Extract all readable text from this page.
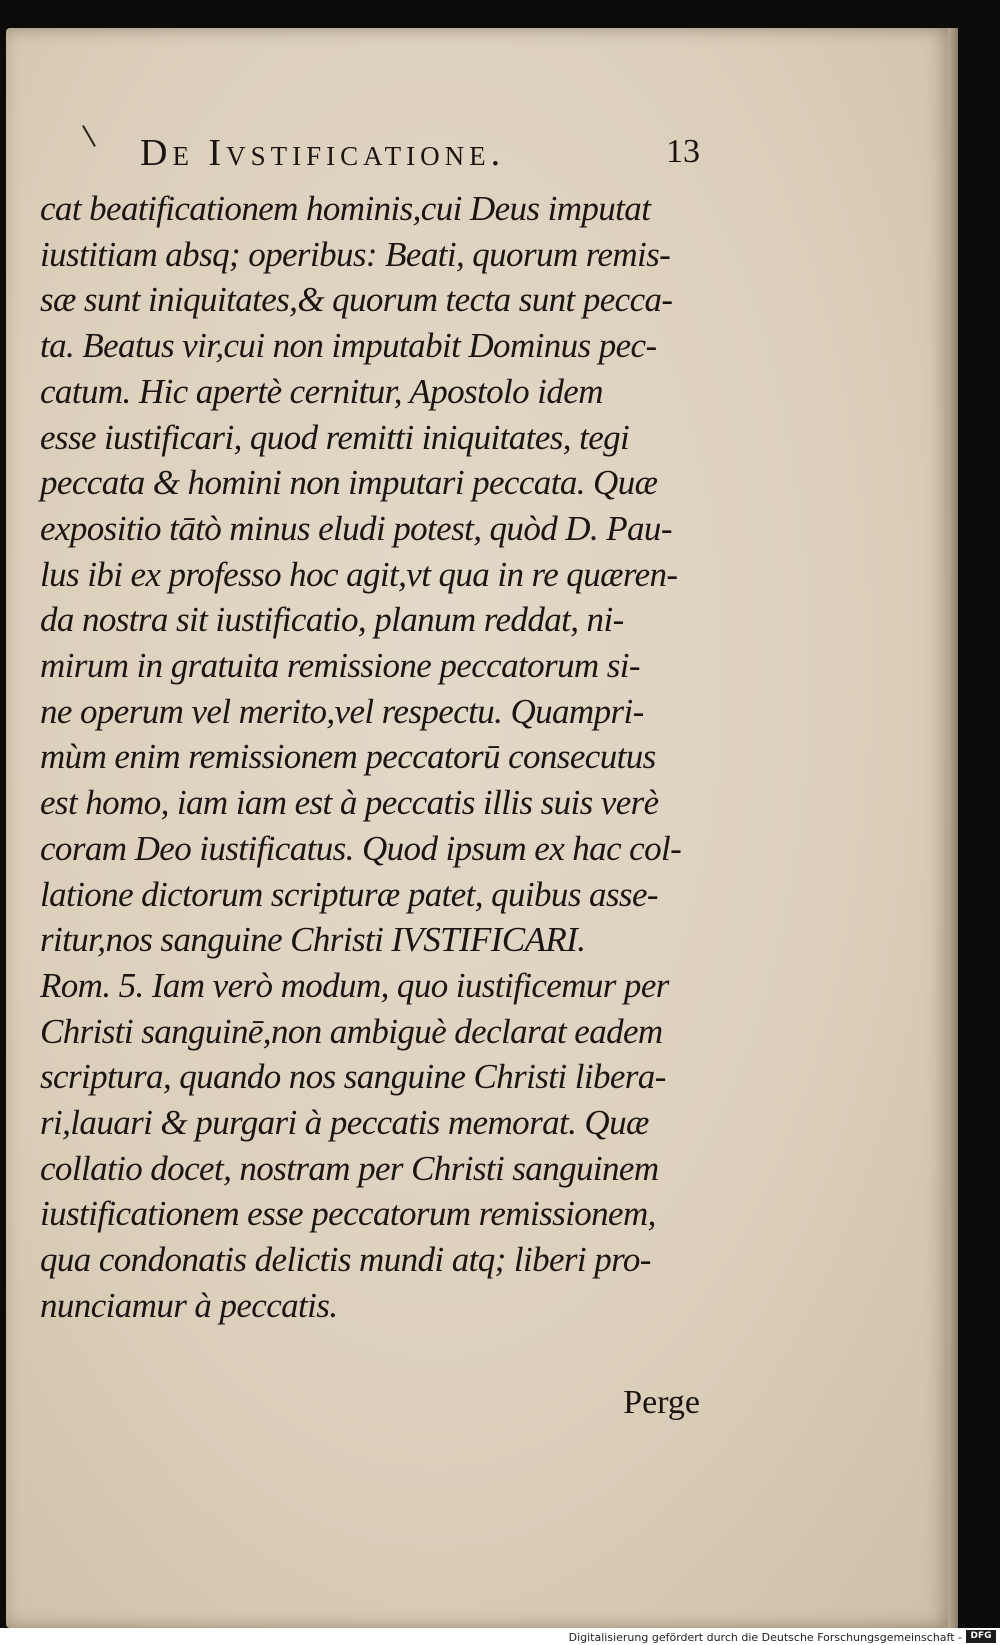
De Ivstificatione.	13
cat beatificationem hominis,cui Deus imputat
iustitiam absq; operibus: Beati, quorum remis-
sæ sunt iniquitates,& quorum tecta sunt pecca-
ta. Beatus vir,cui non imputabit Dominus pec-
catum. Hic apertè cernitur, Apostolo idem
esse iustificari, quod remitti iniquitates, tegi
peccata & homini non imputari peccata. Quæ
expositio tātò minus eludi potest, quòd D. Pau-
lus ibi ex professo hoc agit,vt qua in re quæren-
da nostra sit iustificatio, planum reddat, ni-
mirum in gratuita remissione peccatorum si-
ne operum vel merito,vel respectu. Quampri-
mùm enim remissionem peccatorū consecutus
est homo, iam iam est à peccatis illis suis verè
coram Deo iustificatus. Quod ipsum ex hac col-
latione dictorum scripturæ patet, quibus asse-
ritur,nos sanguine Christi IVSTIFICARI.
Rom. 5. Iam verò modum, quo iustificemur per
Christi sanguinē,non ambiguè declarat eadem
scriptura, quando nos sanguine Christi libera-
ri,lauari & purgari à peccatis memorat. Quæ
collatio docet, nostram per Christi sanguinem
iustificationem esse peccatorum remissionem,
qua condonatis delictis mundi atq; liberi pro-
nunciamur à peccatis.
Perge
Digitalisierung gefördert durch die Deutsche Forschungsgemeinschaft - DFG
